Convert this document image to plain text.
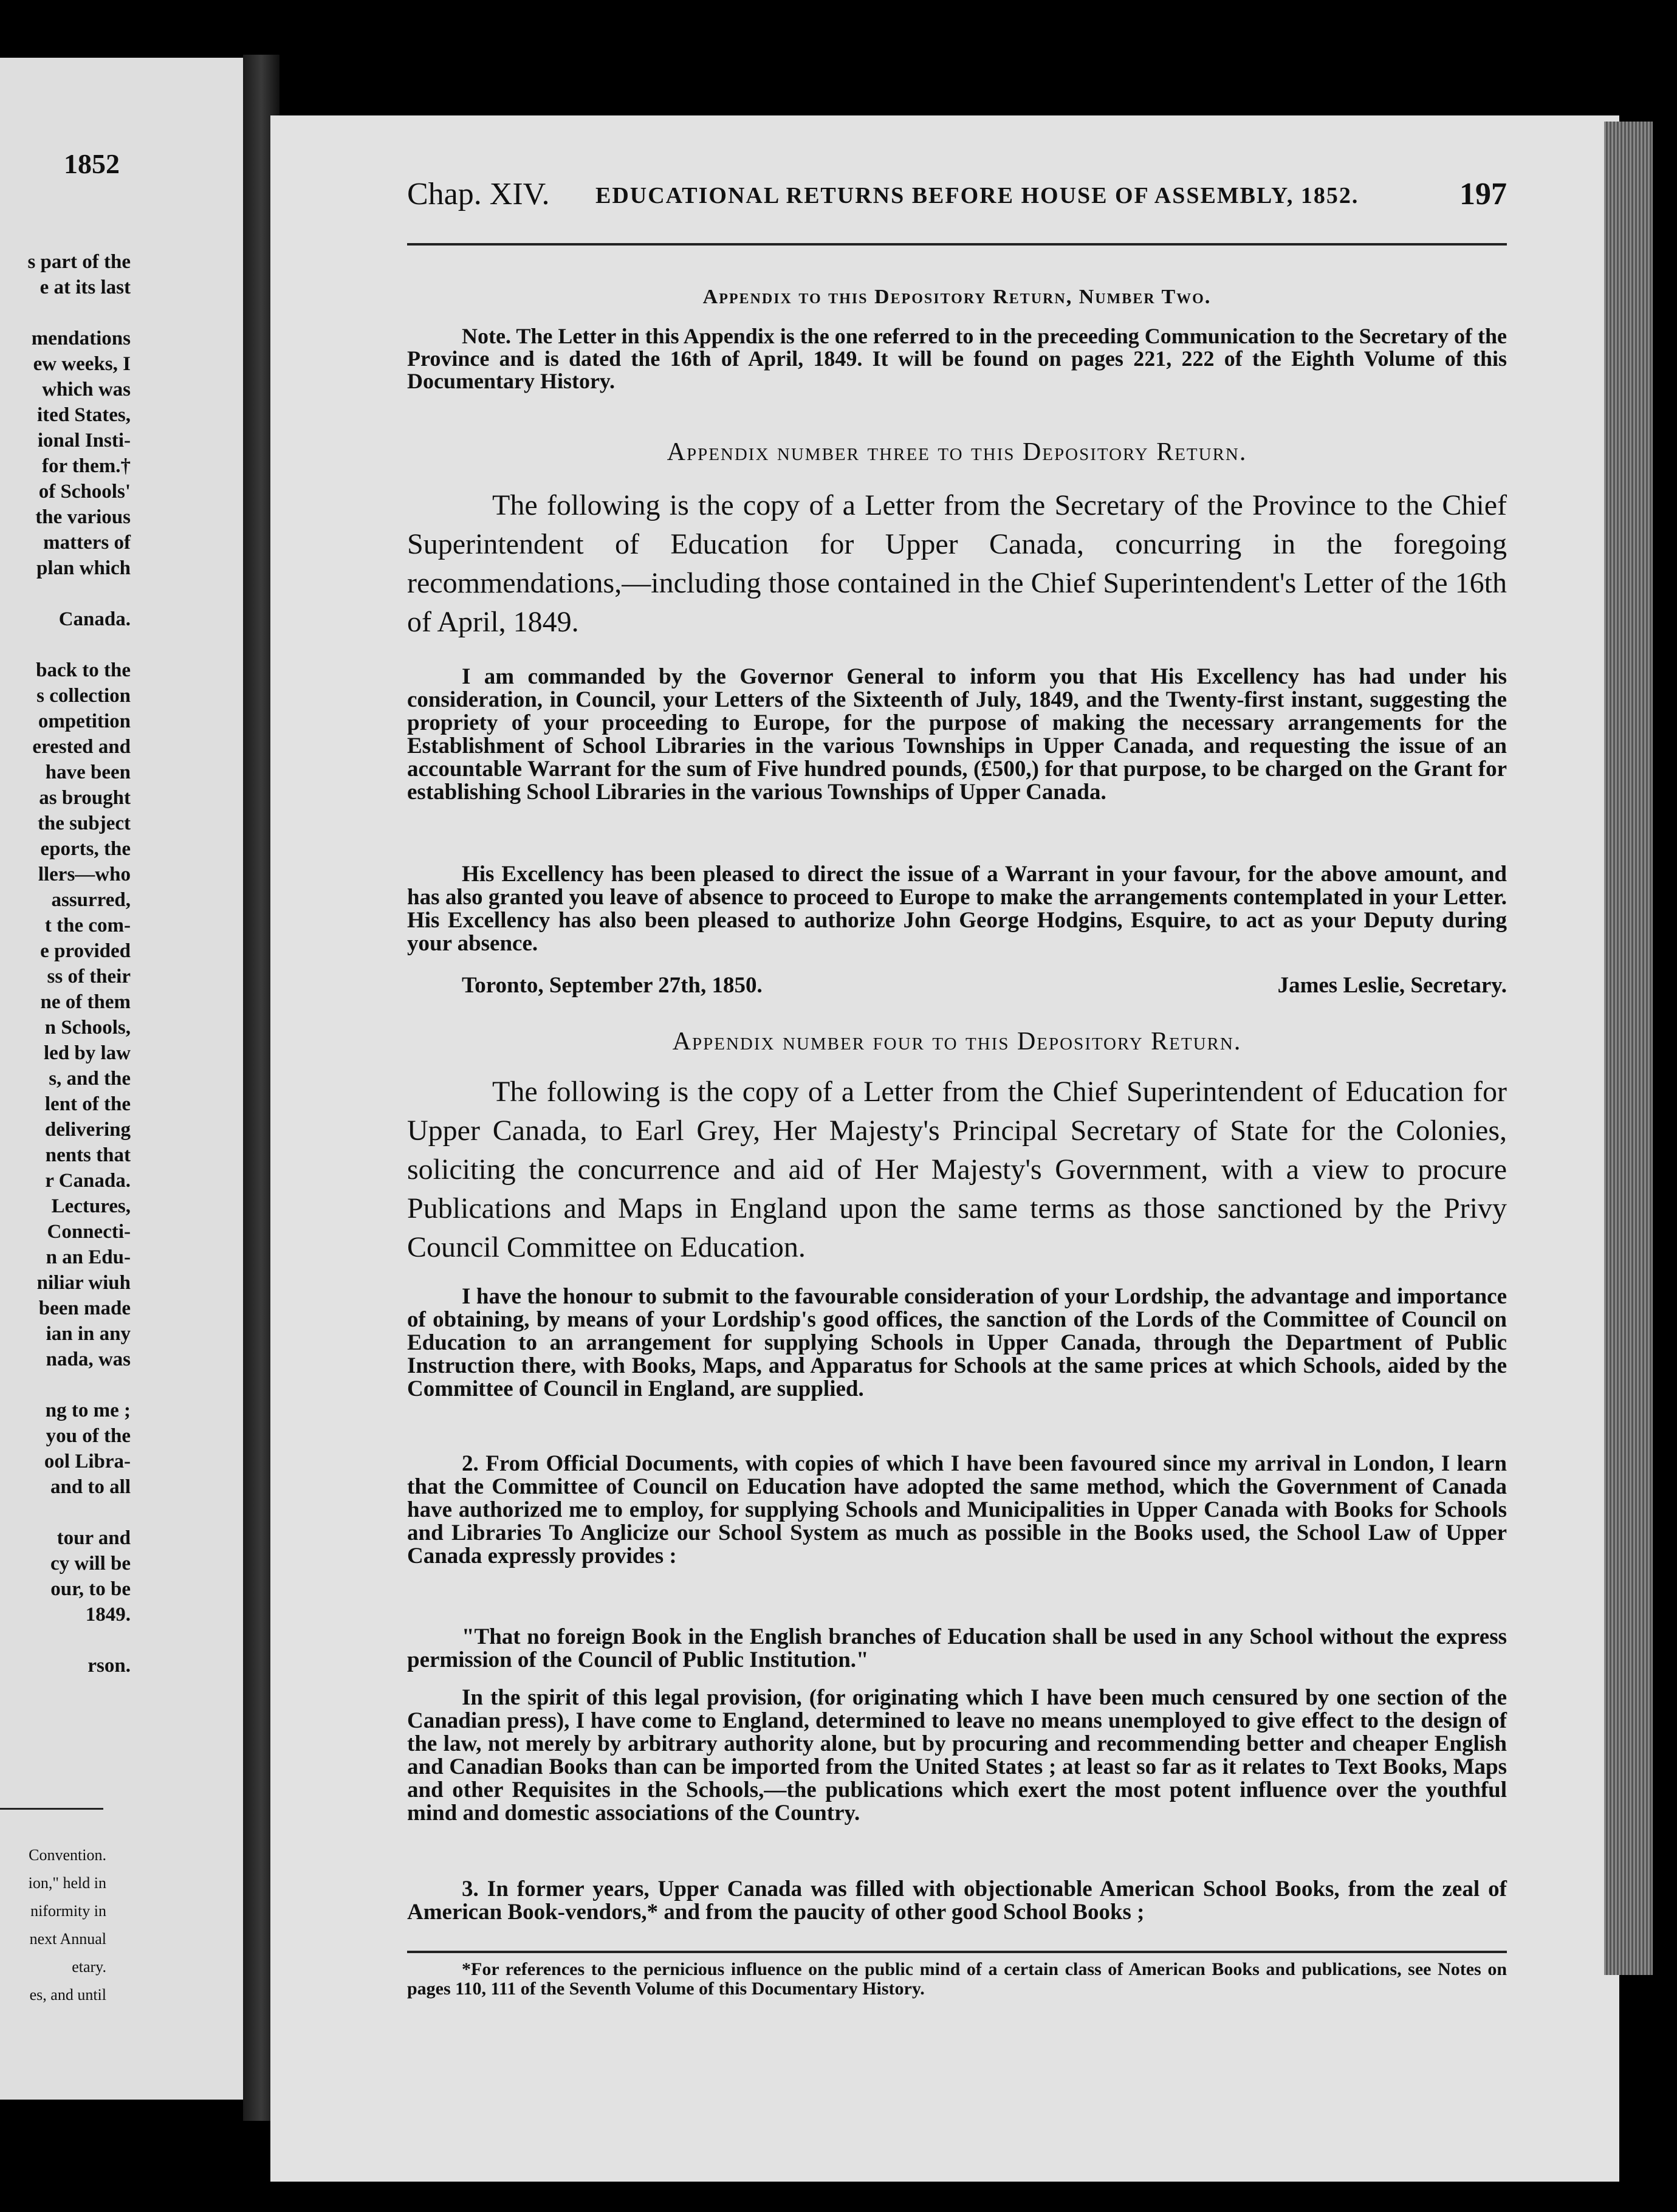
1852
s part of the
e at its last

mendations
ew weeks, I
which was
ited States,
ional Insti-
for them.†
of Schools'
the various
matters of
plan which

Canada.

back to the
s collection
ompetition
erested and
have been
as brought
the subject
eports, the
llers—who
assurred,
t the com-
e provided
ss of their
ne of them
n Schools,
led by law
s, and the
lent of the
delivering
nents that
r Canada.
Lectures,
Connecti-
n an Edu-
niliar wiuh
been made
ian in any
nada, was

ng to me ;
you of the
ool Libra-
and to all

tour and
cy will be
our, to be
1849.

rson.
Convention.
ion," held in
niformity in
next Annual
etary.
es, and until
Chap. XIV. EDUCATIONAL RETURNS BEFORE HOUSE OF ASSEMBLY, 1852.	197
Appendix to this Depository Return, Number Two.
Note. The Letter in this Appendix is the one referred to in the preceeding Communication to the Secretary of the Province and is dated the 16th of April, 1849. It will be found on pages 221, 222 of the Eighth Volume of this Documentary History.
Appendix number three to this Depository Return.
The following is the copy of a Letter from the Secretary of the Province to the Chief Superintendent of Education for Upper Canada, concurring in the foregoing recommendations,—including those contained in the Chief Superintendent's Letter of the 16th of April, 1849.
I am commanded by the Governor General to inform you that His Excellency has had under his consideration, in Council, your Letters of the Sixteenth of July, 1849, and the Twenty-first instant, suggesting the propriety of your proceeding to Europe, for the purpose of making the necessary arrangements for the Establishment of School Libraries in the various Townships in Upper Canada, and requesting the issue of an accountable Warrant for the sum of Five hundred pounds, (£500,) for that purpose, to be charged on the Grant for establishing School Libraries in the various Townships of Upper Canada.
His Excellency has been pleased to direct the issue of a Warrant in your favour, for the above amount, and has also granted you leave of absence to proceed to Europe to make the arrangements contemplated in your Letter. His Excellency has also been pleased to authorize John George Hodgins, Esquire, to act as your Deputy during your absence.
Toronto, September 27th, 1850.	James Leslie, Secretary.
Appendix number four to this Depository Return.
The following is the copy of a Letter from the Chief Superintendent of Education for Upper Canada, to Earl Grey, Her Majesty's Principal Secretary of State for the Colonies, soliciting the concurrence and aid of Her Majesty's Government, with a view to procure Publications and Maps in England upon the same terms as those sanctioned by the Privy Council Committee on Education.
I have the honour to submit to the favourable consideration of your Lordship, the advantage and importance of obtaining, by means of your Lordship's good offices, the sanction of the Lords of the Committee of Council on Education to an arrangement for supplying Schools in Upper Canada, through the Department of Public Instruction there, with Books, Maps, and Apparatus for Schools at the same prices at which Schools, aided by the Committee of Council in England, are supplied.
2. From Official Documents, with copies of which I have been favoured since my arrival in London, I learn that the Committee of Council on Education have adopted the same method, which the Government of Canada have authorized me to employ, for supplying Schools and Municipalities in Upper Canada with Books for Schools and Libraries To Anglicize our School System as much as possible in the Books used, the School Law of Upper Canada expressly provides :
"That no foreign Book in the English branches of Education shall be used in any School without the express permission of the Council of Public Institution."
In the spirit of this legal provision, (for originating which I have been much censured by one section of the Canadian press), I have come to England, determined to leave no means unemployed to give effect to the design of the law, not merely by arbitrary authority alone, but by procuring and recommending better and cheaper English and Canadian Books than can be imported from the United States ; at least so far as it relates to Text Books, Maps and other Requisites in the Schools,—the publications which exert the most potent influence over the youthful mind and domestic associations of the Country.
3. In former years, Upper Canada was filled with objectionable American School Books, from the zeal of American Book-vendors,* and from the paucity of other good School Books ;
*For references to the pernicious influence on the public mind of a certain class of American Books and publications, see Notes on pages 110, 111 of the Seventh Volume of this Documentary History.
